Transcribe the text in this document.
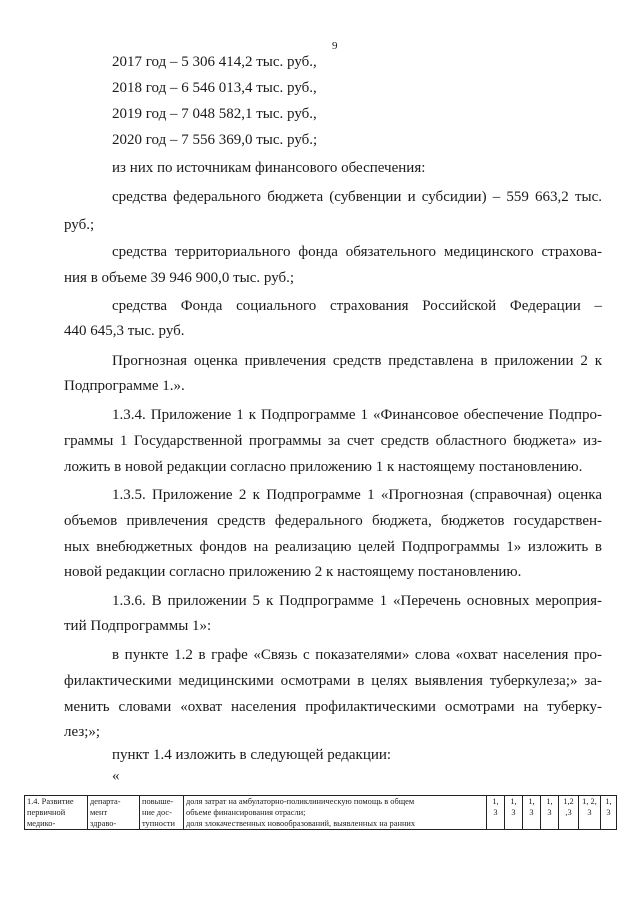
9
2017 год – 5 306 414,2 тыс. руб.,
2018 год – 6 546 013,4 тыс. руб.,
2019 год – 7 048 582,1 тыс. руб.,
2020 год – 7 556 369,0 тыс. руб.;
из них по источникам финансового обеспечения:
средства федерального бюджета (субвенции и субсидии) – 559 663,2 тыс.
руб.;
средства территориального фонда обязательного медицинского страхова-
ния в объеме 39 946 900,0 тыс. руб.;
средства Фонда социального страхования Российской Федерации –
440 645,3 тыс. руб.
Прогнозная оценка привлечения средств представлена в приложении 2 к
Подпрограмме 1.».
1.3.4. Приложение 1 к Подпрограмме 1 «Финансовое обеспечение Подпро-
граммы 1 Государственной программы за счет средств областного бюджета» из-
ложить в новой редакции согласно приложению 1 к настоящему постановлению.
1.3.5. Приложение 2 к Подпрограмме 1 «Прогнозная (справочная) оценка
объемов привлечения средств федерального бюджета, бюджетов государствен-
ных внебюджетных фондов на реализацию целей Подпрограммы 1» изложить в
новой редакции согласно приложению 2 к настоящему постановлению.
1.3.6. В приложении 5 к Подпрограмме 1 «Перечень основных мероприя-
тий Подпрограммы 1»:
в пункте 1.2 в графе «Связь с показателями» слова «охват населения про-
филактическими медицинскими осмотрами в целях выявления туберкулеза;» за-
менить словами «охват населения профилактическими осмотрами на туберку-
лез;»;
пункт 1.4 изложить в следующей редакции:
«
1.4. Развитие
первичной
медико-

департа-
мент
здраво-

повыше-
ние дос-
тупности

доля затрат на амбулаторно-поликлиническую помощь в общем
объеме финансирования отрасли;
доля злокачественных новообразований, выявленных на ранних

1,
3

1,
3

1,
3

1,
3

1,2
,3

1, 2,
3

1,
3
